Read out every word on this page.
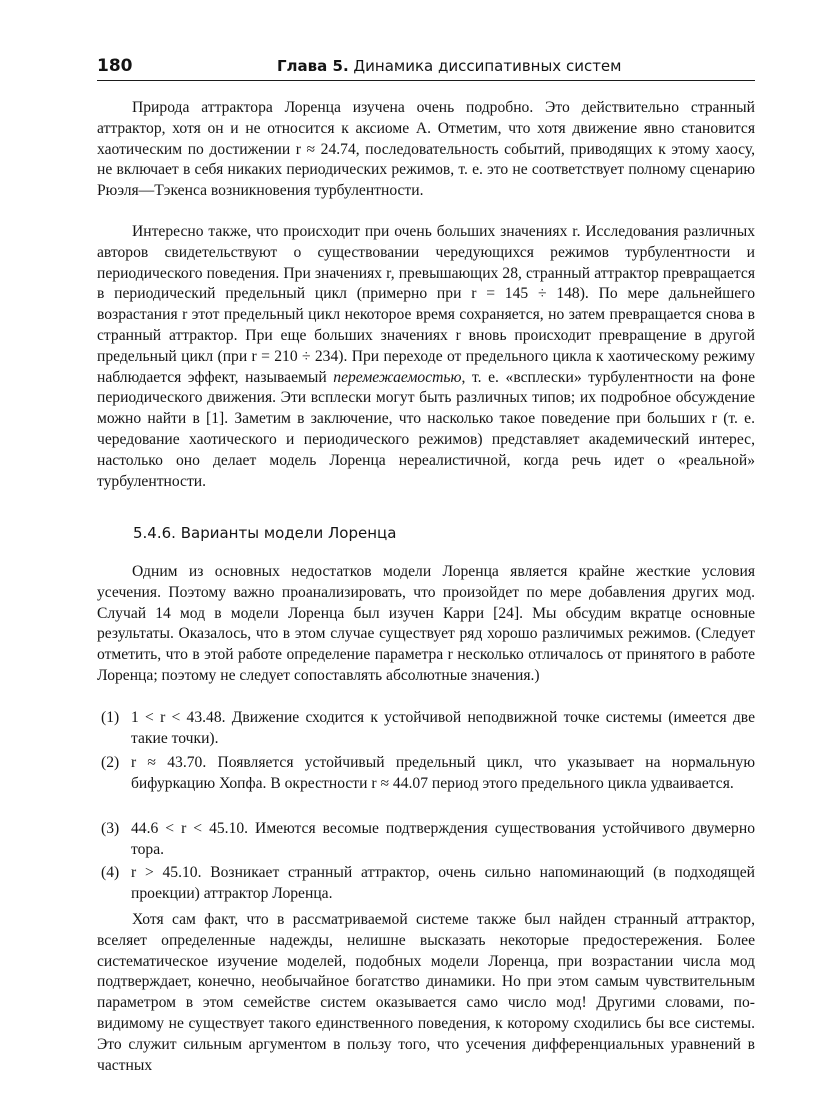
180	Глава 5. Динамика диссипативных систем

Природа аттрактора Лоренца изучена очень подробно. Это действительно странный аттрактор, хотя он и не относится к аксиоме А. Отметим, что хотя движение явно становится хаотическим по достижении r ≈ 24.74, последовательность событий, приводящих к этому хаосу, не включает в себя никаких периодических режимов, т. е. это не соответствует полному сценарию Рюэля—Тэкенса возникновения турбулентности.

Интересно также, что происходит при очень больших значениях r. Исследования различных авторов свидетельствуют о существовании чередующихся режимов турбулентности и периодического поведения. При значениях r, превышающих 28, странный аттрактор превращается в периодический предельный цикл (примерно при r = 145 ÷ 148). По мере дальнейшего возрастания r этот предельный цикл некоторое время сохраняется, но затем превращается снова в странный аттрактор. При еще больших значениях r вновь происходит превращение в другой предельный цикл (при r = 210 ÷ 234). При переходе от предельного цикла к хаотическому режиму наблюдается эффект, называемый перемежаемостью, т. е. «всплески» турбулентности на фоне периодического движения. Эти всплески могут быть различных типов; их подробное обсуждение можно найти в [1]. Заметим в заключение, что насколько такое поведение при больших r (т. е. чередование хаотического и периодического режимов) представляет академический интерес, настолько оно делает модель Лоренца нереалистичной, когда речь идет о «реальной» турбулентности.

5.4.6. Варианты модели Лоренца

Одним из основных недостатков модели Лоренца является крайне жесткие условия усечения. Поэтому важно проанализировать, что произойдет по мере добавления других мод. Случай 14 мод в модели Лоренца был изучен Карри [24]. Мы обсудим вкратце основные результаты. Оказалось, что в этом случае существует ряд хорошо различимых режимов. (Следует отметить, что в этой работе определение параметра r несколько отличалось от принятого в работе Лоренца; поэтому не следует сопоставлять абсолютные значения.)

(1) 1 < r < 43.48. Движение сходится к устойчивой неподвижной точке системы (имеется две такие точки).

(2) r ≈ 43.70. Появляется устойчивый предельный цикл, что указывает на нормальную бифуркацию Хопфа. В окрестности r ≈ 44.07 период этого предельного цикла удваивается.

(3) 44.6 < r < 45.10. Имеются весомые подтверждения существования устойчивого двумерно тора.

(4) r > 45.10. Возникает странный аттрактор, очень сильно напоминающий (в подходящей проекции) аттрактор Лоренца.

Хотя сам факт, что в рассматриваемой системе также был найден странный аттрактор, вселяет определенные надежды, нелишне высказать некоторые предостережения. Более систематическое изучение моделей, подобных модели Лоренца, при возрастании числа мод подтверждает, конечно, необычайное богатство динамики. Но при этом самым чувствительным параметром в этом семействе систем оказывается само число мод! Другими словами, по-видимому не существует такого единственного поведения, к которому сходились бы все системы. Это служит сильным аргументом в пользу того, что усечения дифференциальных уравнений в частных
